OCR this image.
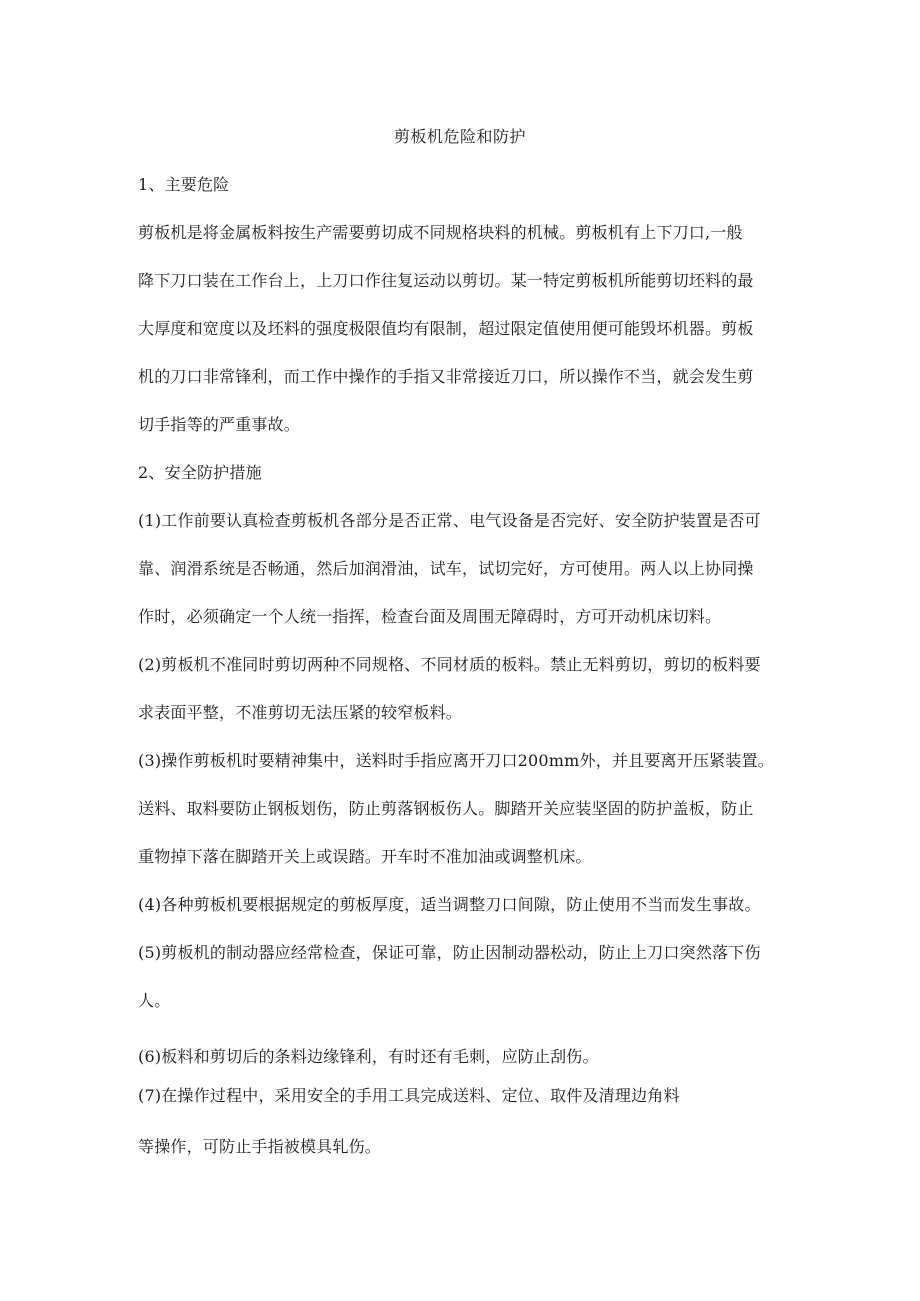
剪板机危险和防护
1、主要危险
剪板机是将金属板料按生产需要剪切成不同规格块料的机械。剪板机有上下刀口,一般
降下刀口装在工作台上，上刀口作往复运动以剪切。某一特定剪板机所能剪切坯料的最
大厚度和宽度以及坯料的强度极限值均有限制，超过限定值使用便可能毁坏机器。剪板
机的刀口非常锋利，而工作中操作的手指又非常接近刀口，所以操作不当，就会发生剪
切手指等的严重事故。
2、安全防护措施
(1)工作前要认真检查剪板机各部分是否正常、电气设备是否完好、安全防护装置是否可
靠、润滑系统是否畅通，然后加润滑油，试车，试切完好，方可使用。两人以上协同操
作时，必须确定一个人统一指挥，检查台面及周围无障碍时，方可开动机床切料。
(2)剪板机不准同时剪切两种不同规格、不同材质的板料。禁止无料剪切，剪切的板料要
求表面平整，不准剪切无法压紧的较窄板料。
(3)操作剪板机时要精神集中，送料时手指应离开刀口200mm外，并且要离开压紧装置。
送料、取料要防止钢板划伤，防止剪落钢板伤人。脚踏开关应装坚固的防护盖板，防止
重物掉下落在脚踏开关上或误踏。开车时不准加油或调整机床。
(4)各种剪板机要根据规定的剪板厚度，适当调整刀口间隙，防止使用不当而发生事故。
(5)剪板机的制动器应经常检查，保证可靠，防止因制动器松动，防止上刀口突然落下伤
人。
(6)板料和剪切后的条料边缘锋利，有时还有毛刺，应防止刮伤。
(7)在操作过程中，采用安全的手用工具完成送料、定位、取件及清理边角料
等操作，可防止手指被模具轧伤。
